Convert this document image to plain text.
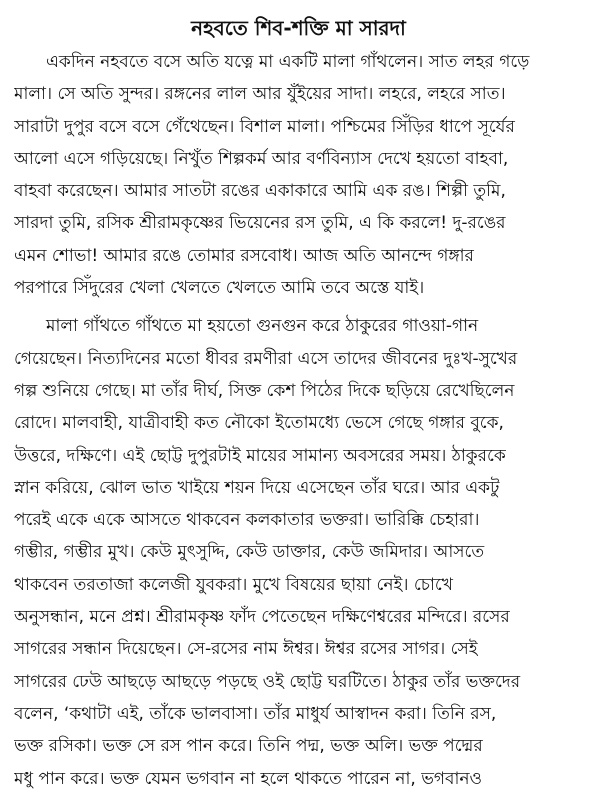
নহবতে শিব-শক্তি মা সারদা
একদিন নহবতে বসে অতি যত্নে মা একটি মালা গাঁথলেন। সাত লহর গড়ে
মালা। সে অতি সুন্দর। রঙ্গনের লাল আর যুঁইয়ের সাদা। লহরে, লহরে সাত।
সারাটা দুপুর বসে বসে গেঁথেছেন। বিশাল মালা। পশ্চিমের সিঁড়ির ধাপে সূর্যের
আলো এসে গড়িয়েছে। নিখুঁত শিল্পকর্ম আর বর্ণবিন্যাস দেখে হয়তো বাহবা,
বাহবা করেছেন। আমার সাতটা রঙের একাকারে আমি এক রঙ। শিল্পী তুমি,
সারদা তুমি, রসিক শ্রীরামকৃষ্ণের ভিয়েনের রস তুমি, এ কি করলে! দু-রঙের
এমন শোভা! আমার রঙে তোমার রসবোধ। আজ অতি আনন্দে গঙ্গার
পরপারে সিঁদুরের খেলা খেলতে খেলতে আমি তবে অস্তে যাই।
মালা গাঁথতে গাঁথতে মা হয়তো গুনগুন করে ঠাকুরের গাওয়া-গান
গেয়েছেন। নিত্যদিনের মতো ধীবর রমণীরা এসে তাদের জীবনের দুঃখ-সুখের
গল্প শুনিয়ে গেছে। মা তাঁর দীর্ঘ, সিক্ত কেশ পিঠের দিকে ছড়িয়ে রেখেছিলেন
রোদে। মালবাহী, যাত্রীবাহী কত নৌকো ইতোমধ্যে ভেসে গেছে গঙ্গার বুকে,
উত্তরে, দক্ষিণে। এই ছোট্ট দুপুরটাই মায়ের সামান্য অবসরের সময়। ঠাকুরকে
স্নান করিয়ে, ঝোল ভাত খাইয়ে শয়ন দিয়ে এসেছেন তাঁর ঘরে। আর একটু
পরেই একে একে আসতে থাকবেন কলকাতার ভক্তরা। ভারিক্কি চেহারা।
গম্ভীর, গম্ভীর মুখ। কেউ মুৎসুদ্দি, কেউ ডাক্তার, কেউ জমিদার। আসতে
থাকবেন তরতাজা কলেজী যুবকরা। মুখে বিষয়ের ছায়া নেই। চোখে
অনুসন্ধান, মনে প্রশ্ন। শ্রীরামকৃষ্ণ ফাঁদ পেতেছেন দক্ষিণেশ্বরের মন্দিরে। রসের
সাগরের সন্ধান দিয়েছেন। সে-রসের নাম ঈশ্বর। ঈশ্বর রসের সাগর। সেই
সাগরের ঢেউ আছড়ে আছড়ে পড়ছে ওই ছোট্ট ঘরটিতে। ঠাকুর তাঁর ভক্তদের
বলেন, ‘কথাটা এই, তাঁকে ভালবাসা। তাঁর মাধুর্য আস্বাদন করা। তিনি রস,
ভক্ত রসিকা। ভক্ত সে রস পান করে। তিনি পদ্ম, ভক্ত অলি। ভক্ত পদ্মের
মধু পান করে। ভক্ত যেমন ভগবান না হলে থাকতে পারেন না, ভগবানও
